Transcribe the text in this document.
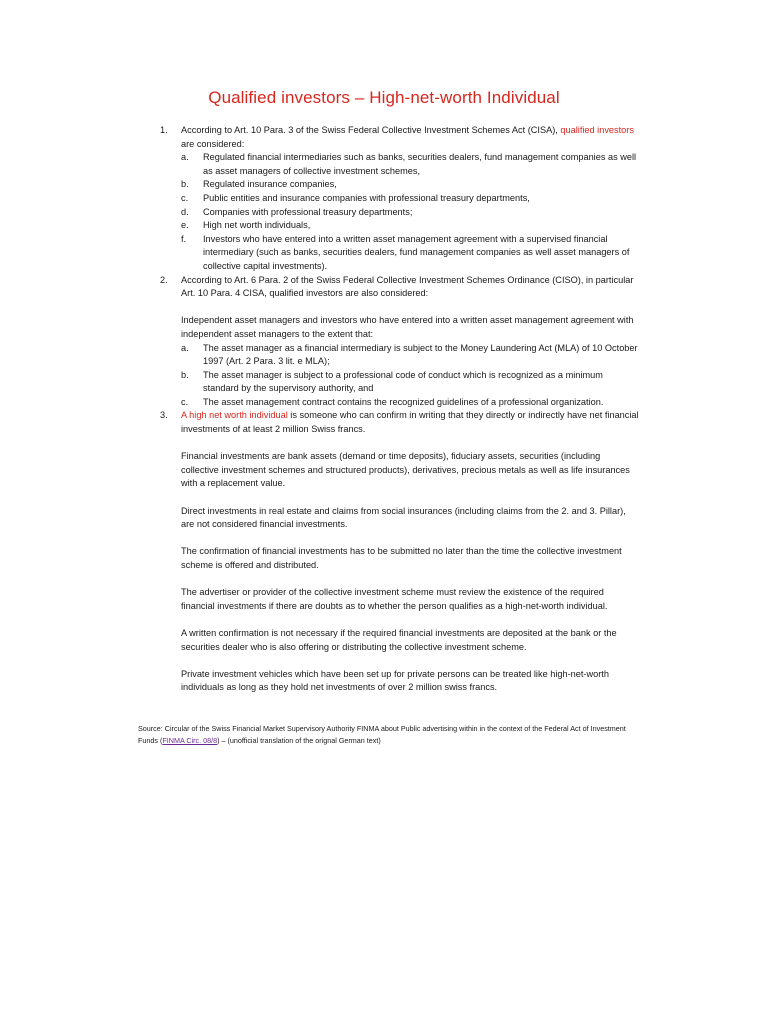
Qualified investors – High-net-worth Individual
1. According to Art. 10 Para. 3 of the Swiss Federal Collective Investment Schemes Act (CISA), qualified investors are considered:
a. Regulated financial intermediaries such as banks, securities dealers, fund management companies as well as asset managers of collective investment schemes,
b. Regulated insurance companies,
c. Public entities and insurance companies with professional treasury departments,
d. Companies with professional treasury departments;
e. High net worth individuals,
f. Investors who have entered into a written asset management agreement with a supervised financial intermediary (such as banks, securities dealers, fund management companies as well asset managers of collective capital investments).
2. According to Art. 6 Para. 2 of the Swiss Federal Collective Investment Schemes Ordinance (CISO), in particular Art. 10 Para. 4 CISA, qualified investors are also considered:
Independent asset managers and investors who have entered into a written asset management agreement with independent asset managers to the extent that:
a. The asset manager as a financial intermediary is subject to the Money Laundering Act (MLA) of 10 October 1997 (Art. 2 Para. 3 lit. e MLA);
b. The asset manager is subject to a professional code of conduct which is recognized as a minimum standard by the supervisory authority, and
c. The asset management contract contains the recognized guidelines of a professional organization.
3. A high net worth individual is someone who can confirm in writing that they directly or indirectly have net financial investments of at least 2 million Swiss francs.
Financial investments are bank assets (demand or time deposits), fiduciary assets, securities (including collective investment schemes and structured products), derivatives, precious metals as well as life insurances with a replacement value.
Direct investments in real estate and claims from social insurances (including claims from the 2. and 3. Pillar), are not considered financial investments.
The confirmation of financial investments has to be submitted no later than the time the collective investment scheme is offered and distributed.
The advertiser or provider of the collective investment scheme must review the existence of the required financial investments if there are doubts as to whether the person qualifies as a high-net-worth individual.
A written confirmation is not necessary if the required financial investments are deposited at the bank or the securities dealer who is also offering or distributing the collective investment scheme.
Private investment vehicles which have been set up for private persons can be treated like high-net-worth individuals as long as they hold net investments of over 2 million swiss francs.
Source: Circular of the Swiss Financial Market Supervisory Authority FINMA about Public advertising within in the context of the Federal Act of Investment Funds (FINMA Circ. 08/8) – (unofficial translation of the orignal German text)
